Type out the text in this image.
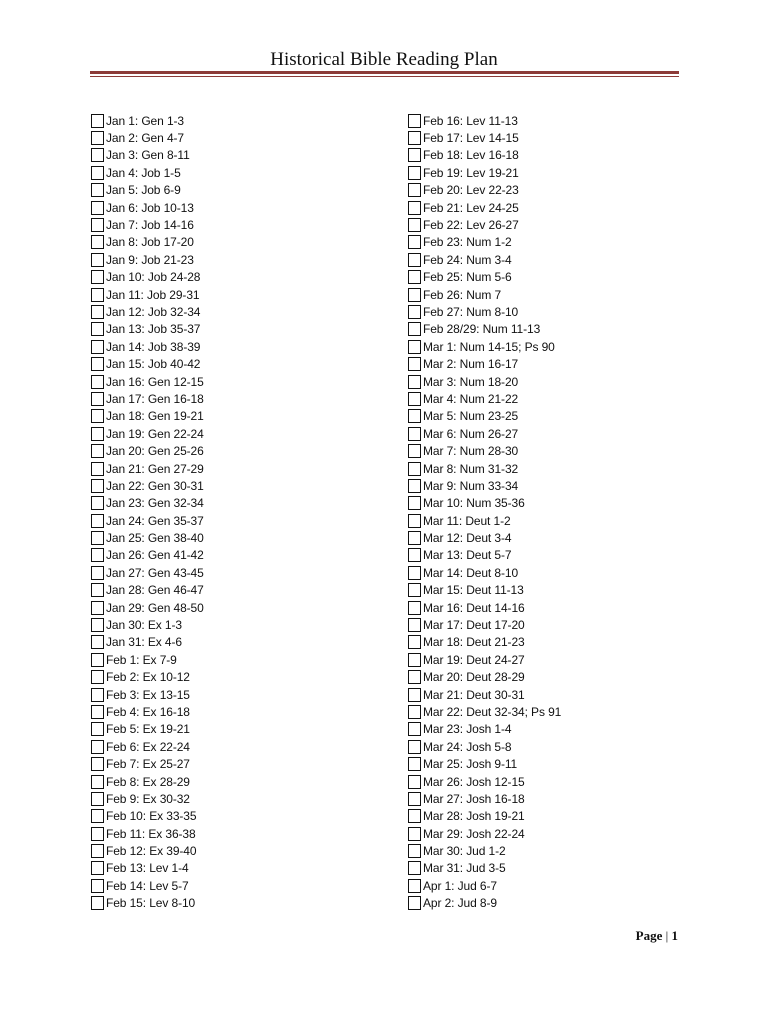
Historical Bible Reading Plan
Jan 1: Gen 1-3
Jan 2: Gen 4-7
Jan 3: Gen 8-11
Jan 4: Job 1-5
Jan 5: Job 6-9
Jan 6: Job 10-13
Jan 7: Job 14-16
Jan 8: Job 17-20
Jan 9: Job 21-23
Jan 10: Job 24-28
Jan 11: Job 29-31
Jan 12: Job 32-34
Jan 13: Job 35-37
Jan 14: Job 38-39
Jan 15: Job 40-42
Jan 16: Gen 12-15
Jan 17: Gen 16-18
Jan 18: Gen 19-21
Jan 19: Gen 22-24
Jan 20: Gen 25-26
Jan 21: Gen 27-29
Jan 22: Gen 30-31
Jan 23: Gen 32-34
Jan 24: Gen 35-37
Jan 25: Gen 38-40
Jan 26: Gen 41-42
Jan 27: Gen 43-45
Jan 28: Gen 46-47
Jan 29: Gen 48-50
Jan 30: Ex 1-3
Jan 31: Ex 4-6
Feb 1: Ex 7-9
Feb 2: Ex 10-12
Feb 3: Ex 13-15
Feb 4: Ex 16-18
Feb 5: Ex 19-21
Feb 6: Ex 22-24
Feb 7: Ex 25-27
Feb 8: Ex 28-29
Feb 9: Ex 30-32
Feb 10: Ex 33-35
Feb 11: Ex 36-38
Feb 12: Ex 39-40
Feb 13: Lev 1-4
Feb 14: Lev 5-7
Feb 15: Lev 8-10
Feb 16: Lev 11-13
Feb 17: Lev 14-15
Feb 18: Lev 16-18
Feb 19: Lev 19-21
Feb 20: Lev 22-23
Feb 21: Lev 24-25
Feb 22: Lev 26-27
Feb 23: Num 1-2
Feb 24: Num 3-4
Feb 25: Num 5-6
Feb 26: Num 7
Feb 27: Num 8-10
Feb 28/29: Num 11-13
Mar 1: Num 14-15; Ps 90
Mar 2: Num 16-17
Mar 3: Num 18-20
Mar 4: Num 21-22
Mar 5: Num 23-25
Mar 6: Num 26-27
Mar 7: Num 28-30
Mar 8: Num 31-32
Mar 9: Num 33-34
Mar 10: Num 35-36
Mar 11: Deut 1-2
Mar 12: Deut 3-4
Mar 13: Deut 5-7
Mar 14: Deut 8-10
Mar 15: Deut 11-13
Mar 16: Deut 14-16
Mar 17: Deut 17-20
Mar 18: Deut 21-23
Mar 19: Deut 24-27
Mar 20: Deut 28-29
Mar 21: Deut 30-31
Mar 22: Deut 32-34; Ps 91
Mar 23: Josh 1-4
Mar 24: Josh 5-8
Mar 25: Josh 9-11
Mar 26: Josh 12-15
Mar 27: Josh 16-18
Mar 28: Josh 19-21
Mar 29: Josh 22-24
Mar 30: Jud 1-2
Mar 31: Jud 3-5
Apr 1: Jud 6-7
Apr 2: Jud 8-9
Page | 1
